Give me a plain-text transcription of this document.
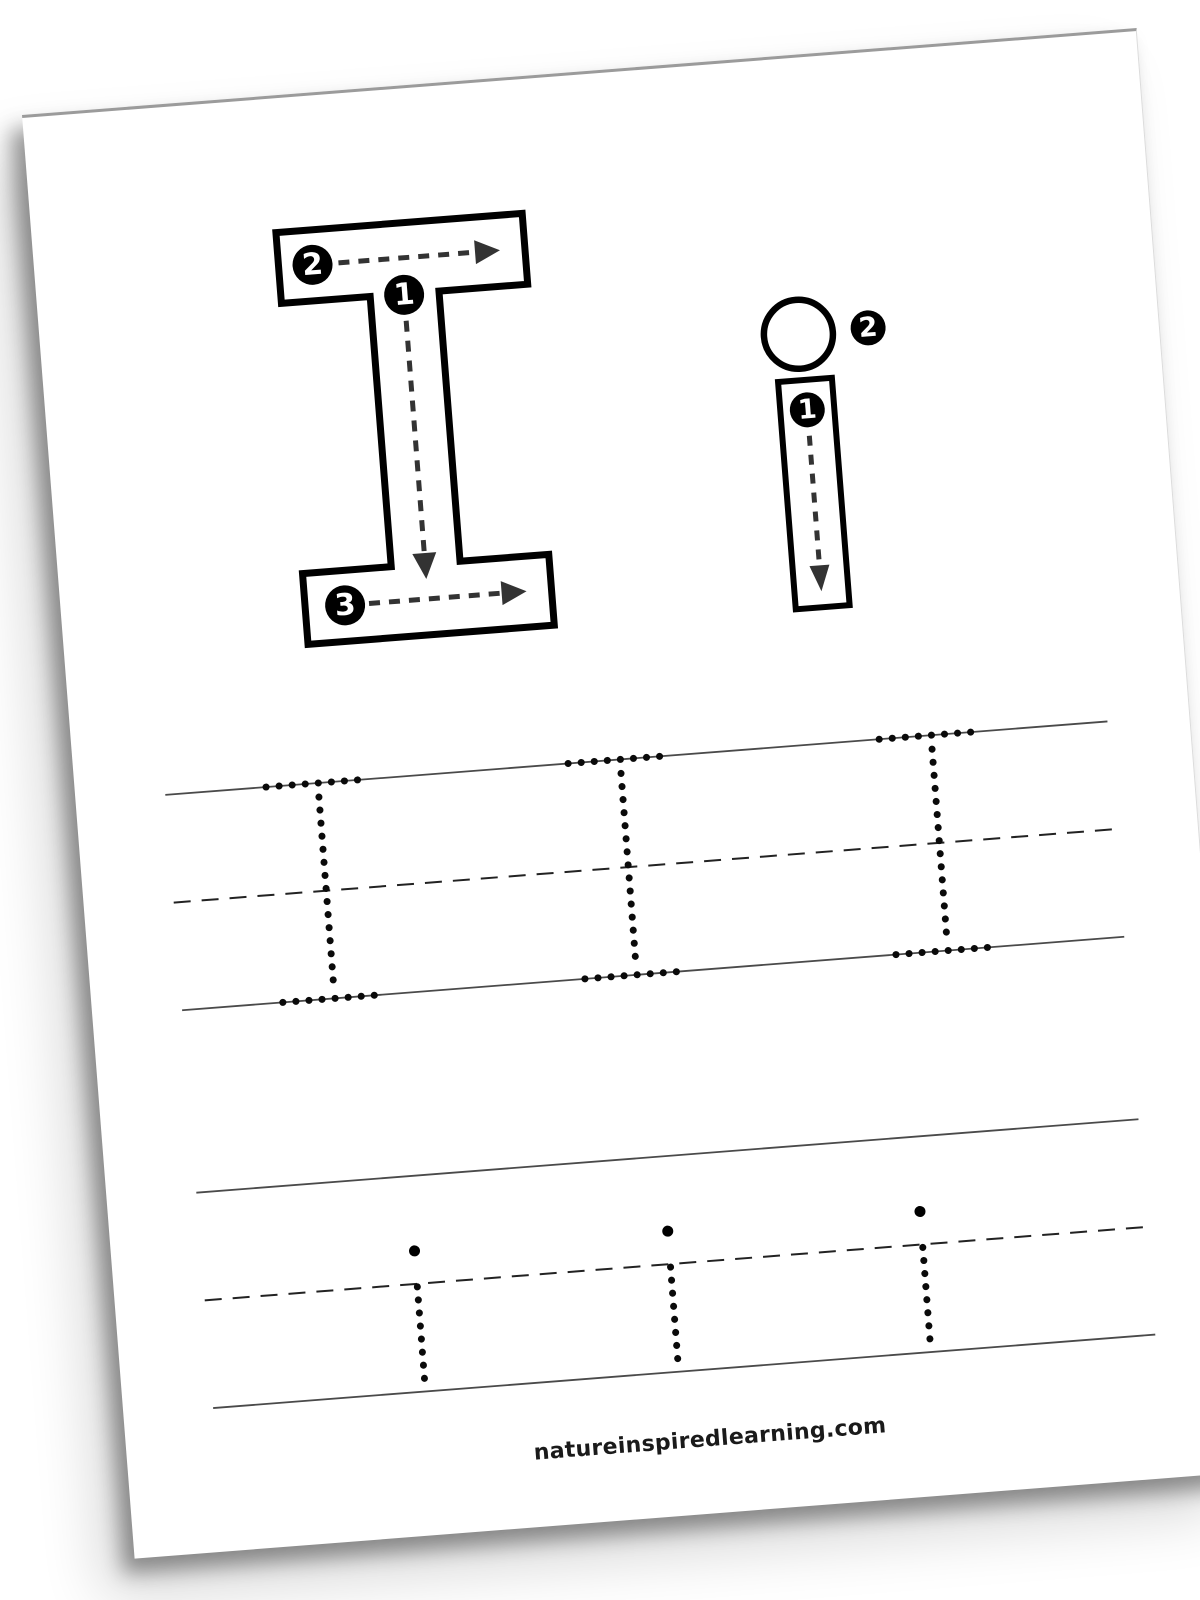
2
1
3
2
1
natureinspiredlearning.com
